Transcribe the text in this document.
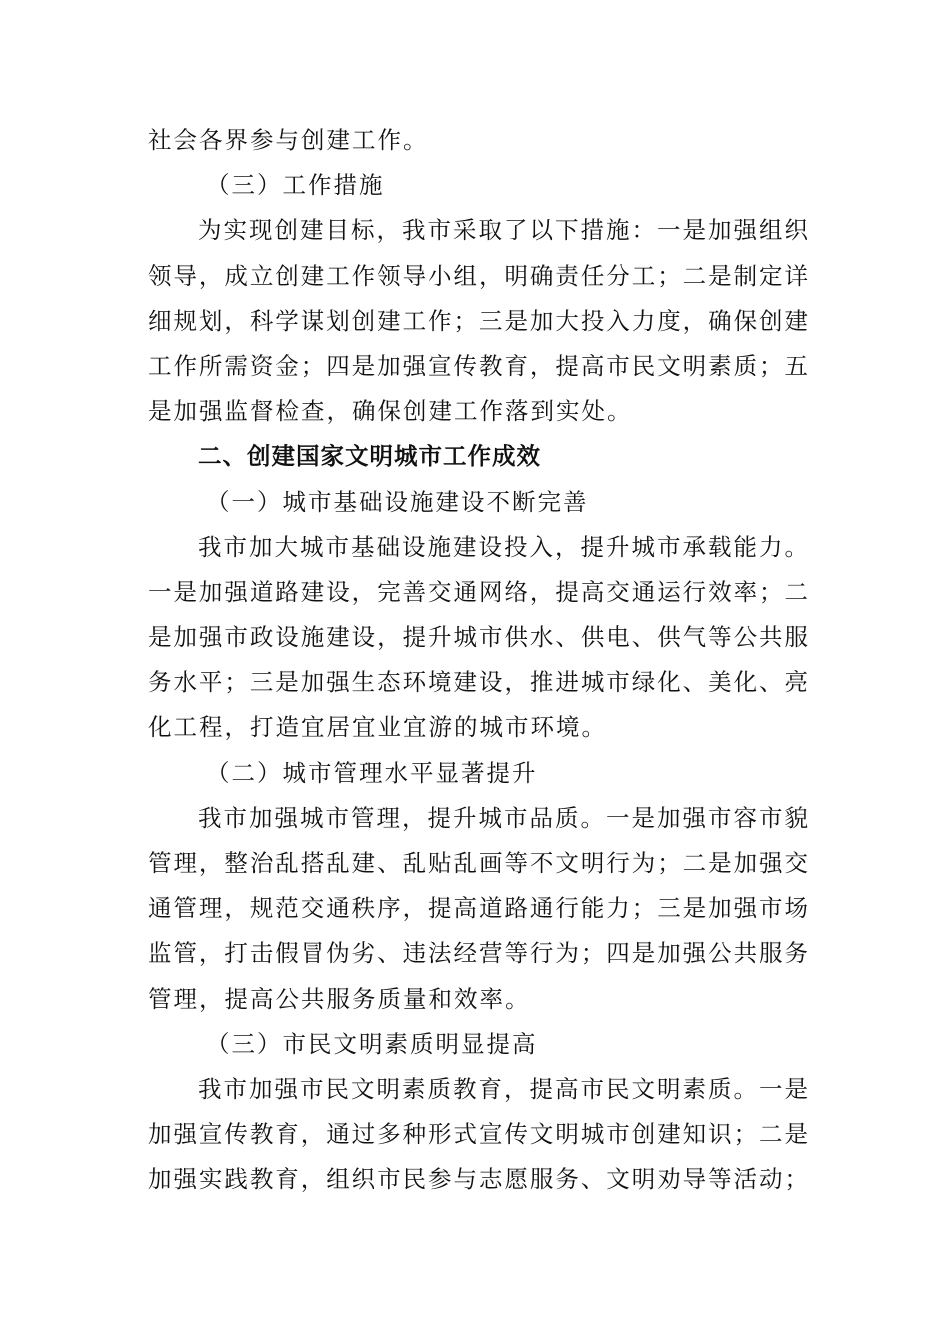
社会各界参与创建工作。
（三）工作措施
为实现创建目标，我市采取了以下措施：一是加强组织
领导，成立创建工作领导小组，明确责任分工；二是制定详
细规划，科学谋划创建工作；三是加大投入力度，确保创建
工作所需资金；四是加强宣传教育，提高市民文明素质；五
是加强监督检查，确保创建工作落到实处。
二、创建国家文明城市工作成效
（一）城市基础设施建设不断完善
我市加大城市基础设施建设投入，提升城市承载能力。
一是加强道路建设，完善交通网络，提高交通运行效率；二
是加强市政设施建设，提升城市供水、供电、供气等公共服
务水平；三是加强生态环境建设，推进城市绿化、美化、亮
化工程，打造宜居宜业宜游的城市环境。
（二）城市管理水平显著提升
我市加强城市管理，提升城市品质。一是加强市容市貌
管理，整治乱搭乱建、乱贴乱画等不文明行为；二是加强交
通管理，规范交通秩序，提高道路通行能力；三是加强市场
监管，打击假冒伪劣、违法经营等行为；四是加强公共服务
管理，提高公共服务质量和效率。
（三）市民文明素质明显提高
我市加强市民文明素质教育，提高市民文明素质。一是
加强宣传教育，通过多种形式宣传文明城市创建知识；二是
加强实践教育，组织市民参与志愿服务、文明劝导等活动；
